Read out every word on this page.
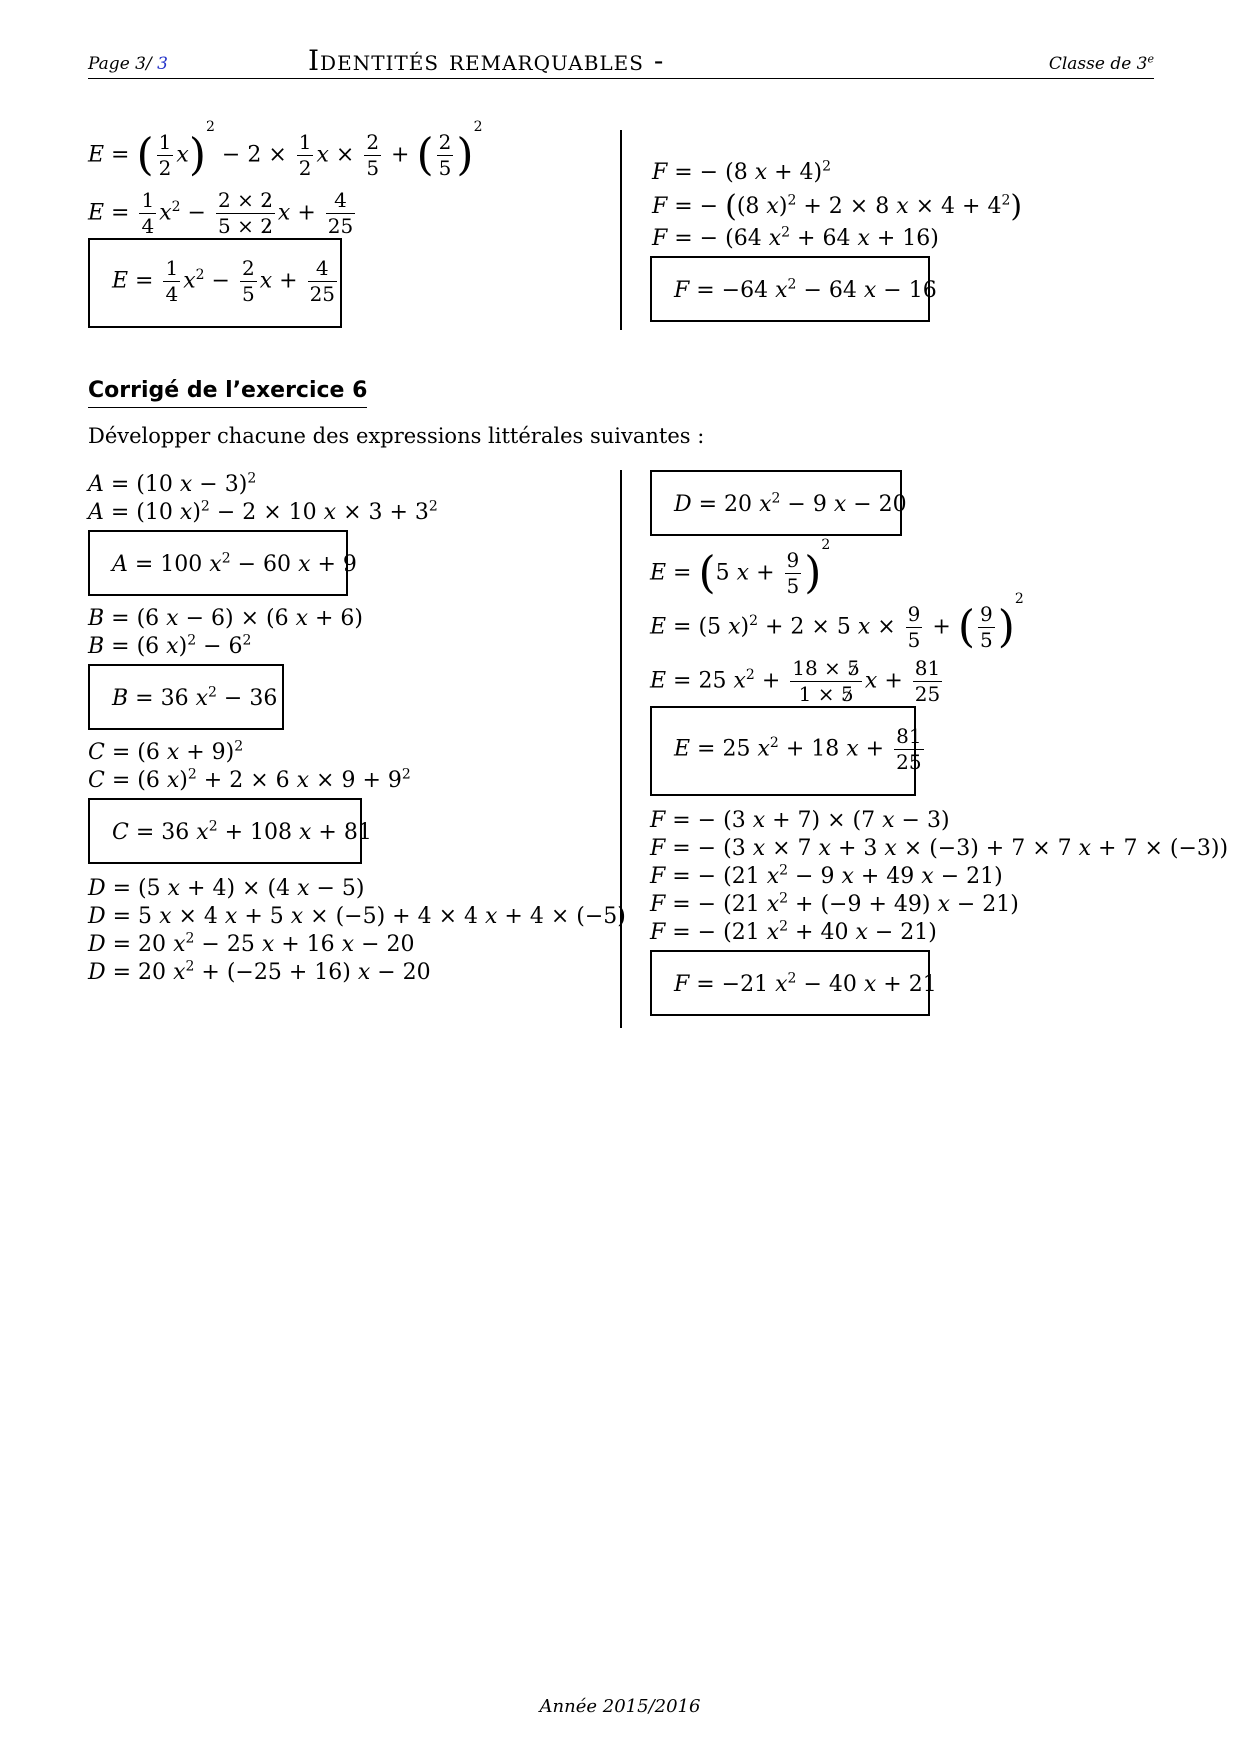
Page 3/ 3	Identités remarquables -	Classe de 3e
E = ( $\frac{1}{2} x)^2 - 2 \times \frac{1}{2}$ $x \times \frac{2}{5}$ + ( $\frac{2}{5} )^2$
$E = \frac{1}{4} x^2 - \frac{2 \times 2}{5 \times 2}$ $x + \frac{4}{25}$
$E = \frac{1}{4} x^2 - \frac{2}{5}$ $x + \frac{4}{25}$
F = − (8 x + 4)$^2$
F = − ((8 x)$^2$ + 2 × 8 $x \times 4 + 4^2$)
F = − (64 $x^2 + 64$ x + 16)
F = −64 $x^2 - 64$ x − 16
Corrigé de l’exercice 6
Développer chacune des expressions littérales suivantes :
A = (10 x − 3)$^2$
A = (10 x)$^2$ − 2 × 10 $x \times 3 + 3^2$
A = 100 $x^2 - 60$ x + 9
B = (6 x − 6) × (6 x + 6)
B = (6 $x)^2 - 6^2$
B = 36 $x^2 - 36$
C = (6 x + 9)$^2$
C = (6 x)$^2$ + 2 × 6 $x \times 9 + 9^2$
C = 36 $x^2 + 108$ x + 81
D = (5 x + 4) × (4 x − 5)
D = 5 x × 4 x + 5 x × (−5) + 4 × 4 x + 4 × (−5)
D = 20 $x^2 - 25$ x + 16 x − 20
D = 20 $x^2 + (-25 + 16) x - 20$
D = 20 $x^2 - 9$ x − 20
E = (5 $x + \frac{9}{5} )^2$
E = (5 x)$^2$ + 2 × 5 $x \times \frac{9}{5}$ + ( $\frac{9}{5} )^2$
E = 25 $x^2 + \frac{18 \times 5}{1 \times 5}$ $x + \frac{81}{25}$
E = 25 $x^2 + 18$ $x + \frac{81}{25}$
F = − (3 x + 7) × (7 x − 3)
F = − (3 x × 7 x + 3 x × (−3) + 7 × 7 x + 7 × (−3))
F = − (21 $x^2 - 9$ x + 49 x − 21)
F = − (21 $x^2 + (-9 + 49) x - 21$)
F = − (21 $x^2 + 40$ x − 21)
F = −21 $x^2 - 40$ x + 21
Année 2015/2016
